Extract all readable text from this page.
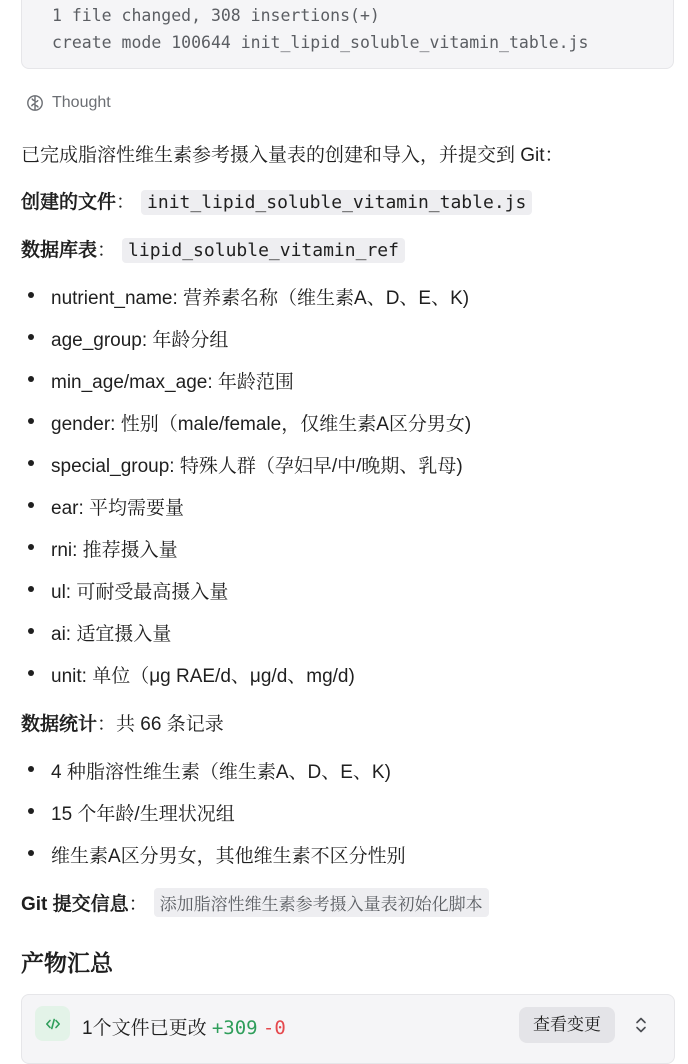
1 file changed, 308 insertions(+)
create mode 100644 init_lipid_soluble_vitamin_table.js
Thought
已完成脂溶性维生素参考摄入量表的创建和导入，并提交到 Git：
创建的文件： init_lipid_soluble_vitamin_table.js
数据库表： lipid_soluble_vitamin_ref
nutrient_name: 营养素名称（维生素A、D、E、K)
age_group: 年龄分组
min_age/max_age: 年龄范围
gender: 性别（male/female，仅维生素A区分男女)
special_group: 特殊人群（孕妇早/中/晚期、乳母)
ear: 平均需要量
rni: 推荐摄入量
ul: 可耐受最高摄入量
ai: 适宜摄入量
unit: 单位（μg RAE/d、μg/d、mg/d)
数据统计：共 66 条记录
4 种脂溶性维生素（维生素A、D、E、K)
15 个年龄/生理状况组
维生素A区分男女，其他维生素不区分性别
Git 提交信息： 添加脂溶性维生素参考摄入量表初始化脚本
产物汇总
1个文件已更改 +309 -0	查看变更
